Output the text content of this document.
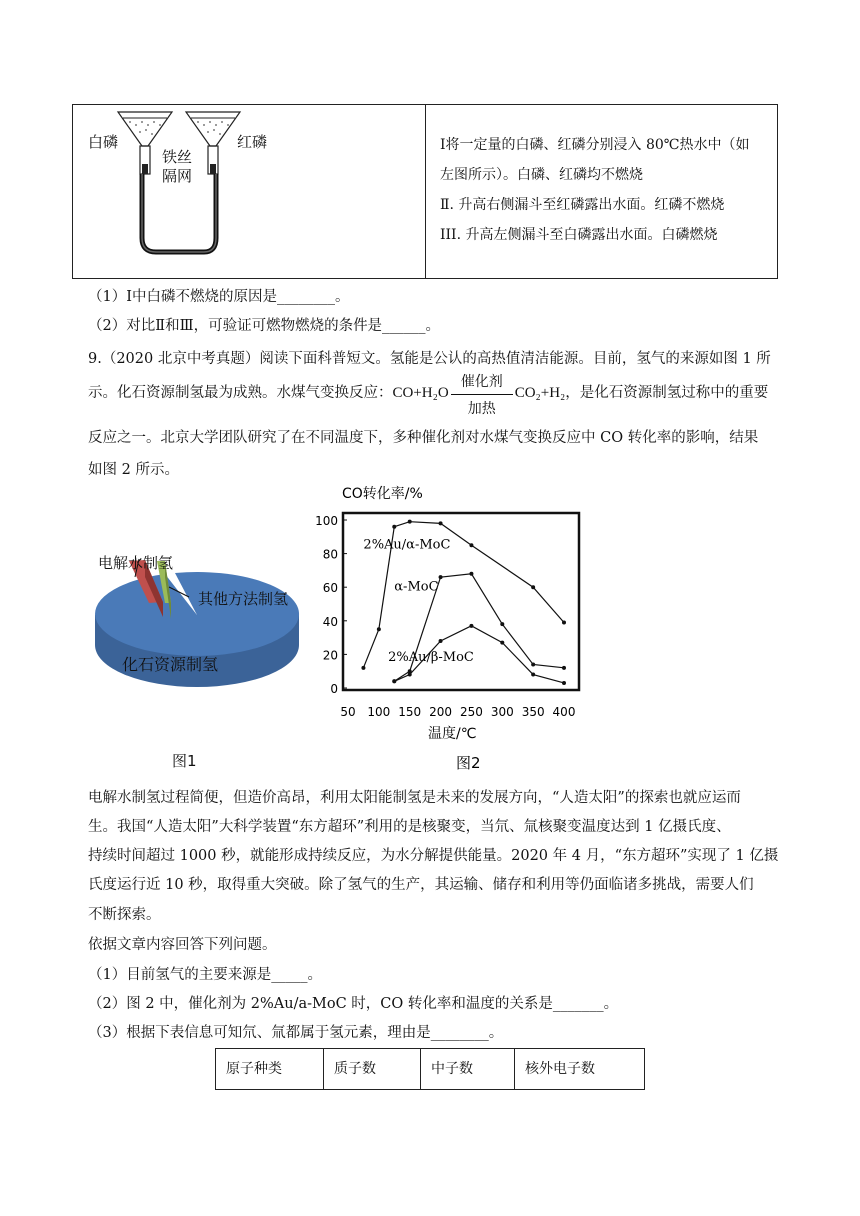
白磷	红磷
铁丝
隔网
Ⅰ将一定量的白磷、红磷分别浸入 80℃热水中（如
左图所示）。白磷、红磷均不燃烧
Ⅱ. 升高右侧漏斗至红磷露出水面。红磷不燃烧
III. 升高左侧漏斗至白磷露出水面。白磷燃烧
（1）Ⅰ中白磷不燃烧的原因是________。
（2）对比Ⅱ和Ⅲ，可验证可燃物燃烧的条件是______。
9.（2020 北京中考真题）阅读下面科普短文。氢能是公认的高热值清洁能源。目前，氢气的来源如图 1 所
示。化石资源制氢最为成熟。水煤气变换反应：CO+H₂O
催化剂
加热
CO₂+H₂，是化石资源制氢过称中的重要
反应之一。北京大学团队研究了在不同温度下，多种催化剂对水煤气变换反应中 CO 转化率的影响，结果
如图 2 所示。
电解水制氢
其他方法制氢
化石资源制氢
图1
CO转化率/%
0
20
40
60
80
100
50 100 150 200 250 300 350 400
2%Au/α-MoC
α-MoC
2%Au/β-MoC
温度/℃
图2
电解水制氢过程简便，但造价高昂，利用太阳能制氢是未来的发展方向，“人造太阳”的探索也就应运而
生。我国“人造太阳”大科学装置“东方超环”利用的是核聚变，当氘、氚核聚变温度达到 1 亿摄氏度、
持续时间超过 1000 秒，就能形成持续反应，为水分解提供能量。2020 年 4 月，“东方超环”实现了 1 亿摄
氏度运行近 10 秒，取得重大突破。除了氢气的生产，其运输、储存和利用等仍面临诸多挑战，需要人们
不断探索。
依据文章内容回答下列问题。
（1）目前氢气的主要来源是_____。
（2）图 2 中，催化剂为 2%Au/a-MoC 时，CO 转化率和温度的关系是_______。
（3）根据下表信息可知氘、氚都属于氢元素，理由是________。
原子种类	质子数	中子数	核外电子数
